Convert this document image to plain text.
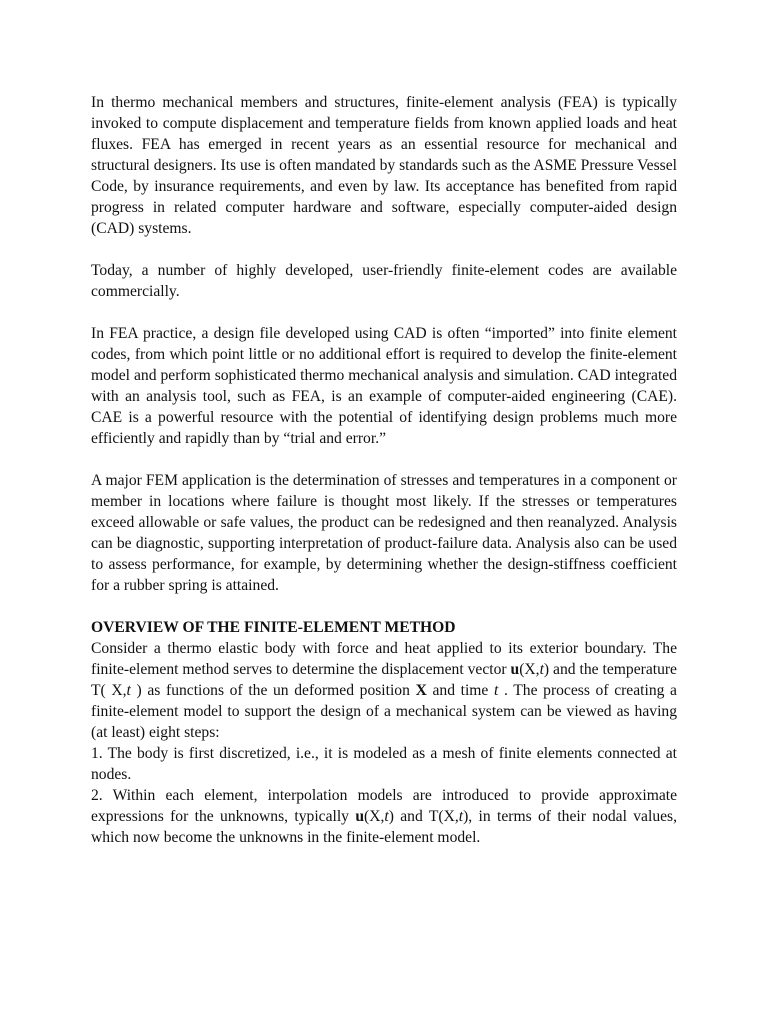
In thermo mechanical members and structures, finite-element analysis (FEA) is typically invoked to compute displacement and temperature fields from known applied loads and heat fluxes. FEA has emerged in recent years as an essential resource for mechanical and structural designers. Its use is often mandated by standards such as the ASME Pressure Vessel Code, by insurance requirements, and even by law. Its acceptance has benefited from rapid progress in related computer hardware and software, especially computer-aided design (CAD) systems.

Today, a number of highly developed, user-friendly finite-element codes are available commercially.

In FEA practice, a design file developed using CAD is often “imported” into finite element codes, from which point little or no additional effort is required to develop the finite-element model and perform sophisticated thermo mechanical analysis and simulation. CAD integrated with an analysis tool, such as FEA, is an example of computer-aided engineering (CAE). CAE is a powerful resource with the potential of identifying design problems much more efficiently and rapidly than by “trial and error.”

A major FEM application is the determination of stresses and temperatures in a component or member in locations where failure is thought most likely. If the stresses or temperatures exceed allowable or safe values, the product can be redesigned and then reanalyzed. Analysis can be diagnostic, supporting interpretation of product-failure data. Analysis also can be used to assess performance, for example, by determining whether the design-stiffness coefficient for a rubber spring is attained.

OVERVIEW OF THE FINITE-ELEMENT METHOD

Consider a thermo elastic body with force and heat applied to its exterior boundary. The finite-element method serves to determine the displacement vector u(X,t) and the temperature T( X,t ) as functions of the un deformed position X and time t . The process of creating a finite-element model to support the design of a mechanical system can be viewed as having (at least) eight steps:

1. The body is first discretized, i.e., it is modeled as a mesh of finite elements connected at nodes.

2. Within each element, interpolation models are introduced to provide approximate expressions for the unknowns, typically u(X,t) and T(X,t), in terms of their nodal values, which now become the unknowns in the finite-element model.
